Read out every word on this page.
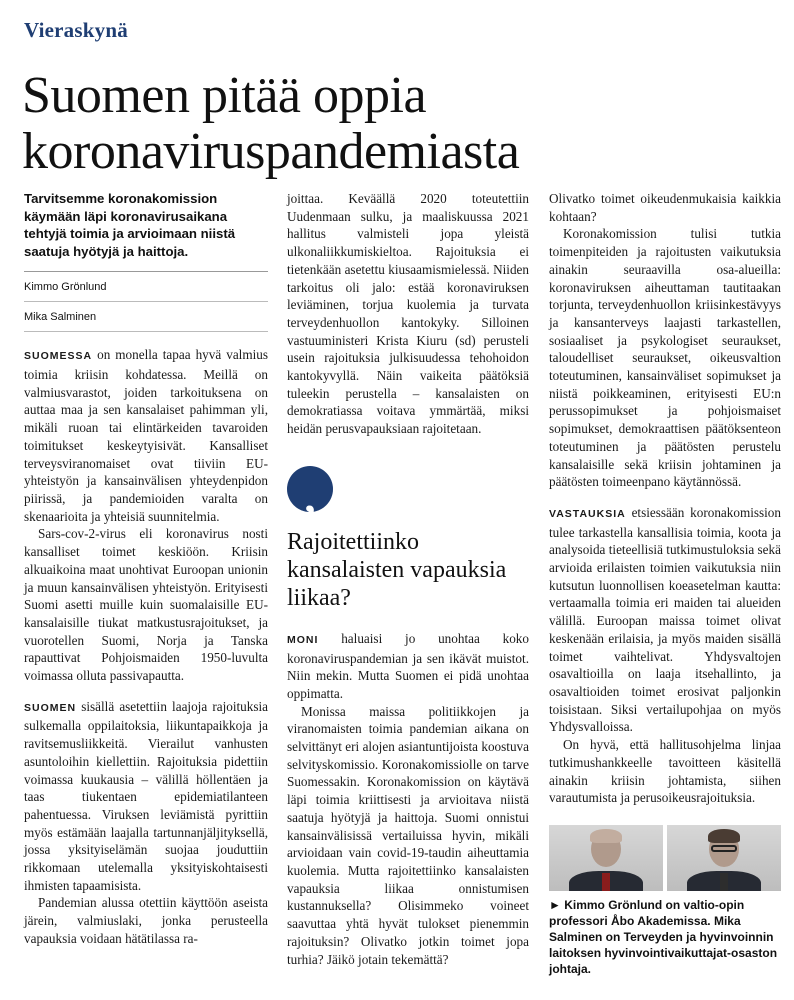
Vieraskynä
Suomen pitää oppia koronaviruspandemiasta
Tarvitsemme koronakomission käymään läpi koronavirusaikana tehtyjä toimia ja arvioimaan niistä saatuja hyötyjä ja haittoja.
Kimmo Grönlund
Mika Salminen

SUOMESSA on monella tapaa hyvä valmius toimia kriisin kohdatessa. Meillä on valmiusvarastot, joiden tarkoituksena on auttaa maa ja sen kansalaiset pahimman yli, mikäli ruoan tai elintärkeiden tavaroiden toimitukset keskeytyisivät. Kansalliset terveysviranomaiset ovat tiiviin EU-yhteistyön ja kansainvälisen yhteydenpidon piirissä, ja pandemioiden varalta on skenaarioita ja yhteisiä suunnitelmia.

Sars-cov-2-virus eli koronavirus nosti kansalliset toimet keskiöön. Kriisin alkuaikoina maat unohtivat Euroopan unionin ja muun kansainvälisen yhteistyön. Erityisesti Suomi asetti muille kuin suomalaisille EU-kansalaisille tiukat matkustusrajoitukset, ja vuorotellen Suomi, Norja ja Tanska rapauttivat Pohjoismaiden 1950-luvulta voimassa olluta passivapautta.

SUOMEN sisällä asetettiin laajoja rajoituksia sulkemalla oppilaitoksia, liikuntapaikkoja ja ravitsemusliikkeitä. Vierailut vanhusten asuntoloihin kiellettiin. Rajoituksia pidettiin voimassa kuukausia – välillä höllentäen ja taas tiukentaen epidemiatilanteen pahentuessa. Viruksen leviämistä pyrittiin myös estämään laajalla tartunnanjäljityksellä, jossa yksityiselämän suojaa jouduttiin rikkomaan utelemalla yksityiskohtaisesti ihmisten tapaamisista.

Pandemian alussa otettiin käyttöön aseista järein, valmiuslaki, jonka perusteella vapauksia voidaan hätätilassa ra-

joittaa. Keväällä 2020 toteutettiin Uudenmaan sulku, ja maaliskuussa 2021 hallitus valmisteli jopa yleistä ulkonaliikkumiskieltoa. Rajoituksia ei tietenkään asetettu kiusaamismielessä. Niiden tarkoitus oli jalo: estää koronaviruksen leviäminen, torjua kuolemia ja turvata terveydenhuollon kantokyky. Silloinen vastuuministeri Krista Kiuru (sd) perusteli usein rajoituksia julkisuudessa tehohoidon kantokyvyllä. Näin vaikeita päätöksiä tuleekin perustella – kansalaisten on demokratiassa voitava ymmärtää, miksi heidän perusvapauksiaan rajoitetaan.

,
Rajoitettiinko kansalaisten vapauksia liikaa?

MONI haluaisi jo unohtaa koko koronaviruspandemian ja sen ikävät muistot. Niin mekin. Mutta Suomen ei pidä unohtaa oppimatta.

Monissa maissa politiikkojen ja viranomaisten toimia pandemian aikana on selvittänyt eri alojen asiantuntijoista koostuva selvityskomissio. Koronakomissiolle on tarve Suomessakin. Koronakomission on käytävä läpi toimia kriittisesti ja arvioitava niistä saatuja hyötyjä ja haittoja. Suomi onnistui kansainvälisissä vertailuissa hyvin, mikäli arvioidaan vain covid-19-taudin aiheuttamia kuolemia. Mutta rajoitettiinko kansalaisten vapauksia liikaa onnistumisen kustannuksella? Olisimmeko voineet saavuttaa yhtä hyvät tulokset pienemmin rajoituksin? Olivatko jotkin toimet jopa turhia? Jäikö jotain tekemättä?

Olivatko toimet oikeudenmukaisia kaikkia kohtaan?

Koronakomission tulisi tutkia toimenpiteiden ja rajoitusten vaikutuksia ainakin seuraavilla osa-alueilla: koronaviruksen aiheuttaman tautitaakan torjunta, terveydenhuollon kriisinkestävyys ja kansanterveys laajasti tarkastellen, sosiaaliset ja psykologiset seuraukset, taloudelliset seuraukset, oikeusvaltion toteutuminen, kansainväliset sopimukset ja niistä poikkeaminen, erityisesti EU:n perussopimukset ja pohjoismaiset sopimukset, demokraattisen päätöksenteon toteutuminen ja päätösten perustelu kansalaisille sekä kriisin johtaminen ja päätösten toimeenpano käytännössä.

VASTAUKSIA etsiessään koronakomission tulee tarkastella kansallisia toimia, koota ja analysoida tieteellisiä tutkimustuloksia sekä arvioida erilaisten toimien vaikutuksia niin kutsutun luonnollisen koeasetelman kautta: vertaamalla toimia eri maiden tai alueiden välillä. Euroopan maissa toimet olivat keskenään erilaisia, ja myös maiden sisällä toimet vaihtelivat. Yhdysvaltojen osavaltioilla on laaja itsehallinto, ja osavaltioiden toimet erosivat paljonkin toisistaan. Siksi vertailupohjaa on myös Yhdysvalloissa.

On hyvä, että hallitusohjelma linjaa tutkimushankkeelle tavoitteen käsitellä ainakin kriisin johtamista, siihen varautumista ja perusoikeusrajoituksia.

► Kimmo Grönlund on valtio-opin professori Åbo Akademissa. Mika Salminen on Terveyden ja hyvinvoinnin laitoksen hyvinvointivaikuttajat-osaston johtaja.
